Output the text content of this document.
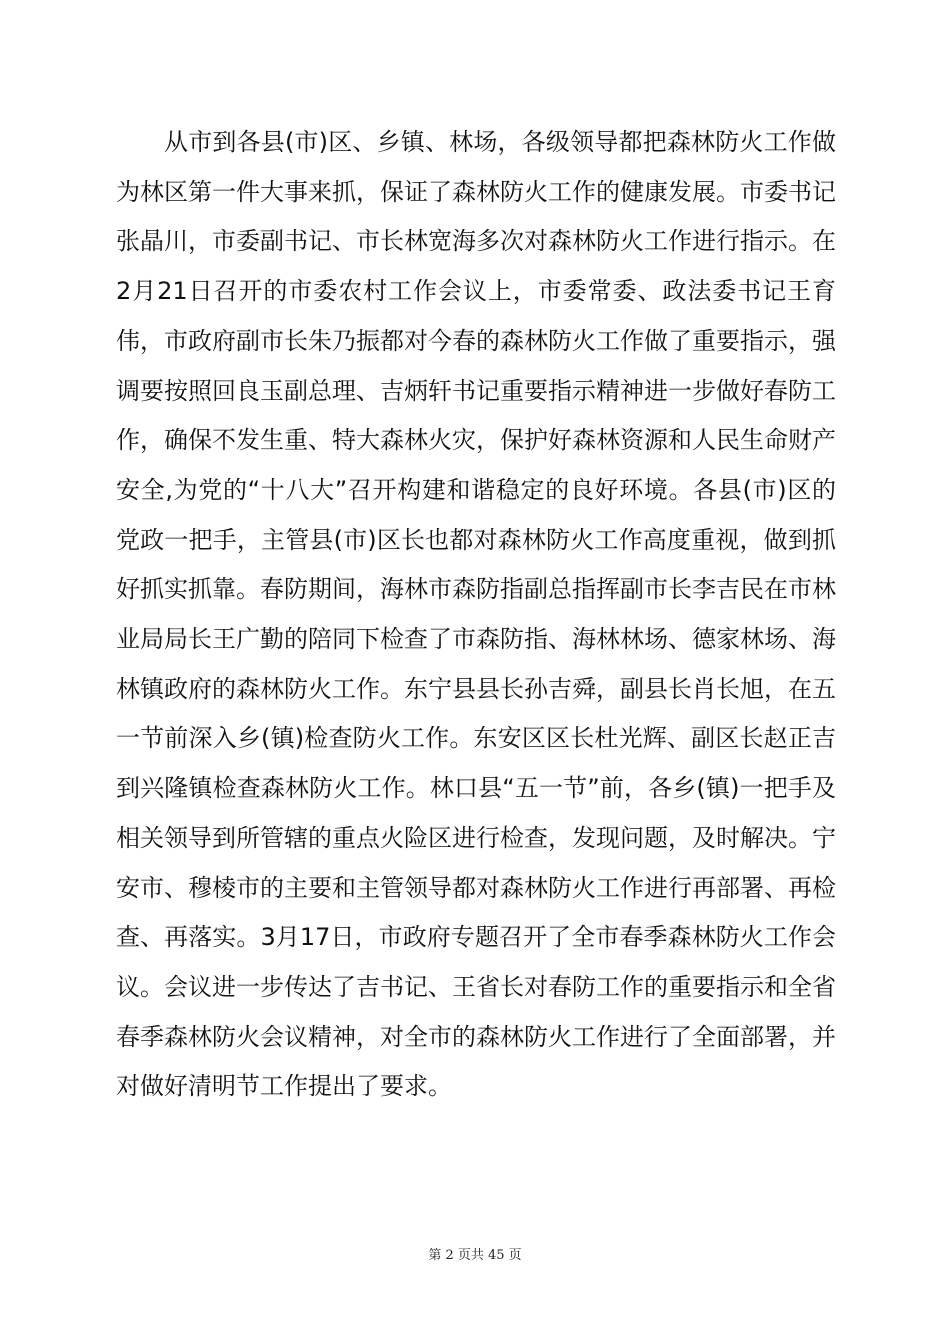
从市到各县(市)区、乡镇、林场，各级领导都把森林防火工作做为林区第一件大事来抓，保证了森林防火工作的健康发展。市委书记张晶川，市委副书记、市长林宽海多次对森林防火工作进行指示。在2月21日召开的市委农村工作会议上，市委常委、政法委书记王育伟，市政府副市长朱乃振都对今春的森林防火工作做了重要指示，强调要按照回良玉副总理、吉炳轩书记重要指示精神进一步做好春防工作，确保不发生重、特大森林火灾，保护好森林资源和人民生命财产安全,为党的“十八大”召开构建和谐稳定的良好环境。各县(市)区的党政一把手，主管县(市)区长也都对森林防火工作高度重视，做到抓好抓实抓靠。春防期间，海林市森防指副总指挥副市长李吉民在市林业局局长王广勤的陪同下检查了市森防指、海林林场、德家林场、海林镇政府的森林防火工作。东宁县县长孙吉舜，副县长肖长旭，在五一节前深入乡(镇)检查防火工作。东安区区长杜光辉、副区长赵正吉到兴隆镇检查森林防火工作。林口县“五一节”前，各乡(镇)一把手及相关领导到所管辖的重点火险区进行检查，发现问题，及时解决。宁安市、穆棱市的主要和主管领导都对森林防火工作进行再部署、再检查、再落实。3月17日，市政府专题召开了全市春季森林防火工作会议。会议进一步传达了吉书记、王省长对春防工作的重要指示和全省春季森林防火会议精神，对全市的森林防火工作进行了全面部署，并对做好清明节工作提出了要求。

第 2 页共 45 页
